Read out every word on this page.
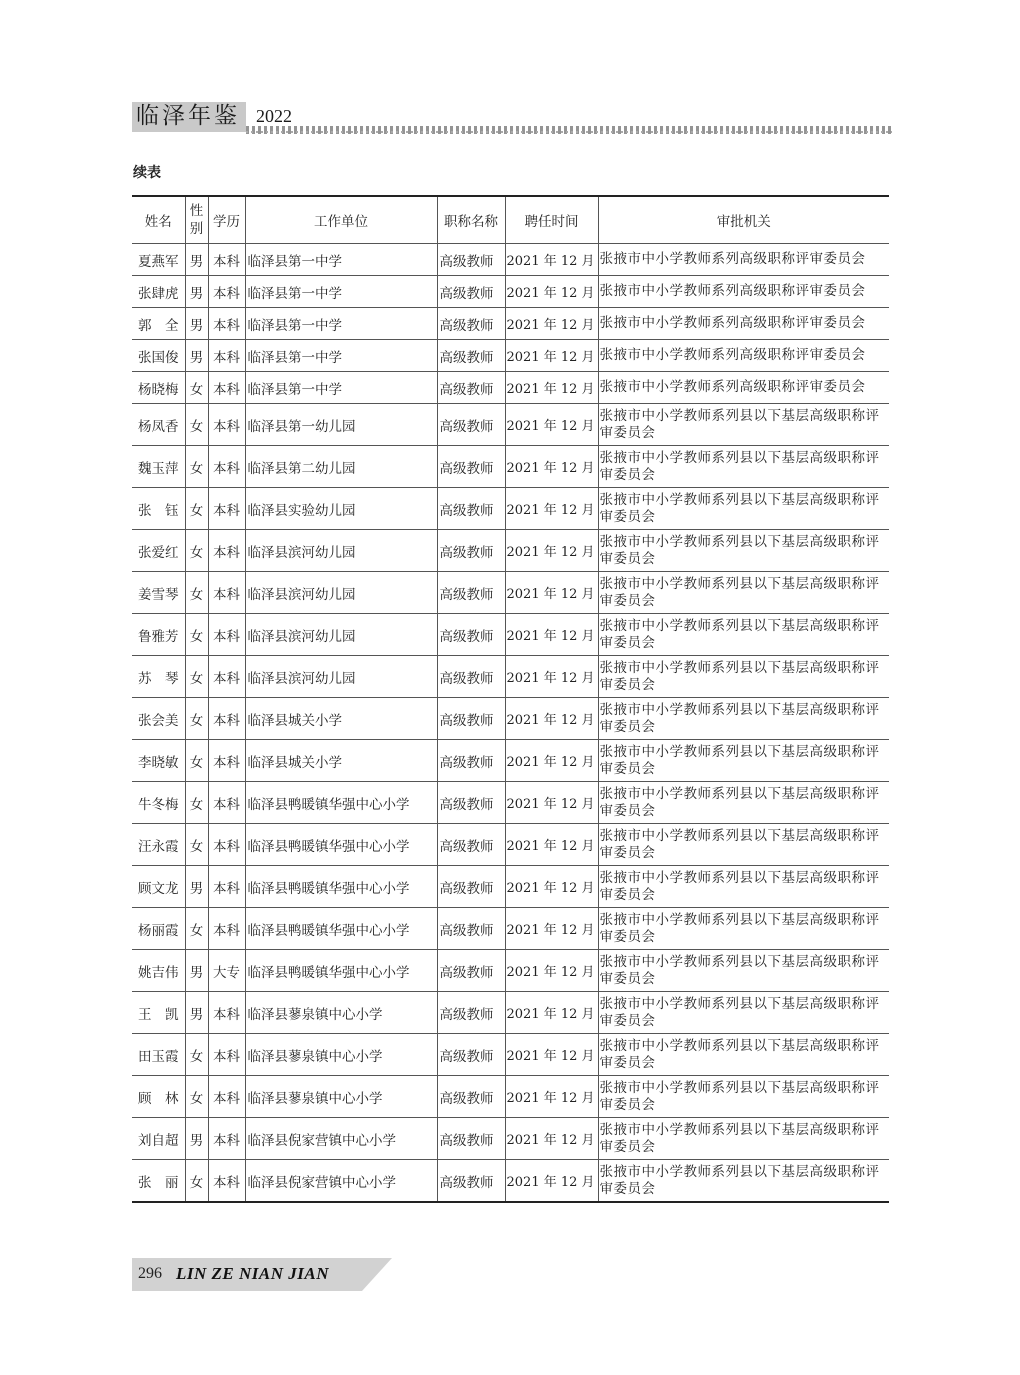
临泽年鉴 2022
续表
姓名	性别	学历	工作单位	职称名称	聘任时间	审批机关
夏燕军	男	本科	临泽县第一中学	高级教师	2021 年 12 月	张掖市中小学教师系列高级职称评审委员会
张肆虎	男	本科	临泽县第一中学	高级教师	2021 年 12 月	张掖市中小学教师系列高级职称评审委员会
郭　全	男	本科	临泽县第一中学	高级教师	2021 年 12 月	张掖市中小学教师系列高级职称评审委员会
张国俊	男	本科	临泽县第一中学	高级教师	2021 年 12 月	张掖市中小学教师系列高级职称评审委员会
杨晓梅	女	本科	临泽县第一中学	高级教师	2021 年 12 月	张掖市中小学教师系列高级职称评审委员会
杨凤香	女	本科	临泽县第一幼儿园	高级教师	2021 年 12 月	张掖市中小学教师系列县以下基层高级职称评审委员会
魏玉萍	女	本科	临泽县第二幼儿园	高级教师	2021 年 12 月	张掖市中小学教师系列县以下基层高级职称评审委员会
张　钰	女	本科	临泽县实验幼儿园	高级教师	2021 年 12 月	张掖市中小学教师系列县以下基层高级职称评审委员会
张爱红	女	本科	临泽县滨河幼儿园	高级教师	2021 年 12 月	张掖市中小学教师系列县以下基层高级职称评审委员会
姜雪琴	女	本科	临泽县滨河幼儿园	高级教师	2021 年 12 月	张掖市中小学教师系列县以下基层高级职称评审委员会
鲁雅芳	女	本科	临泽县滨河幼儿园	高级教师	2021 年 12 月	张掖市中小学教师系列县以下基层高级职称评审委员会
苏　琴	女	本科	临泽县滨河幼儿园	高级教师	2021 年 12 月	张掖市中小学教师系列县以下基层高级职称评审委员会
张会美	女	本科	临泽县城关小学	高级教师	2021 年 12 月	张掖市中小学教师系列县以下基层高级职称评审委员会
李晓敏	女	本科	临泽县城关小学	高级教师	2021 年 12 月	张掖市中小学教师系列县以下基层高级职称评审委员会
牛冬梅	女	本科	临泽县鸭暖镇华强中心小学	高级教师	2021 年 12 月	张掖市中小学教师系列县以下基层高级职称评审委员会
汪永霞	女	本科	临泽县鸭暖镇华强中心小学	高级教师	2021 年 12 月	张掖市中小学教师系列县以下基层高级职称评审委员会
顾文龙	男	本科	临泽县鸭暖镇华强中心小学	高级教师	2021 年 12 月	张掖市中小学教师系列县以下基层高级职称评审委员会
杨丽霞	女	本科	临泽县鸭暖镇华强中心小学	高级教师	2021 年 12 月	张掖市中小学教师系列县以下基层高级职称评审委员会
姚吉伟	男	大专	临泽县鸭暖镇华强中心小学	高级教师	2021 年 12 月	张掖市中小学教师系列县以下基层高级职称评审委员会
王　凯	男	本科	临泽县蓼泉镇中心小学	高级教师	2021 年 12 月	张掖市中小学教师系列县以下基层高级职称评审委员会
田玉霞	女	本科	临泽县蓼泉镇中心小学	高级教师	2021 年 12 月	张掖市中小学教师系列县以下基层高级职称评审委员会
顾　林	女	本科	临泽县蓼泉镇中心小学	高级教师	2021 年 12 月	张掖市中小学教师系列县以下基层高级职称评审委员会
刘自超	男	本科	临泽县倪家营镇中心小学	高级教师	2021 年 12 月	张掖市中小学教师系列县以下基层高级职称评审委员会
张　丽	女	本科	临泽县倪家营镇中心小学	高级教师	2021 年 12 月	张掖市中小学教师系列县以下基层高级职称评审委员会
296 LIN ZE NIAN JIAN
